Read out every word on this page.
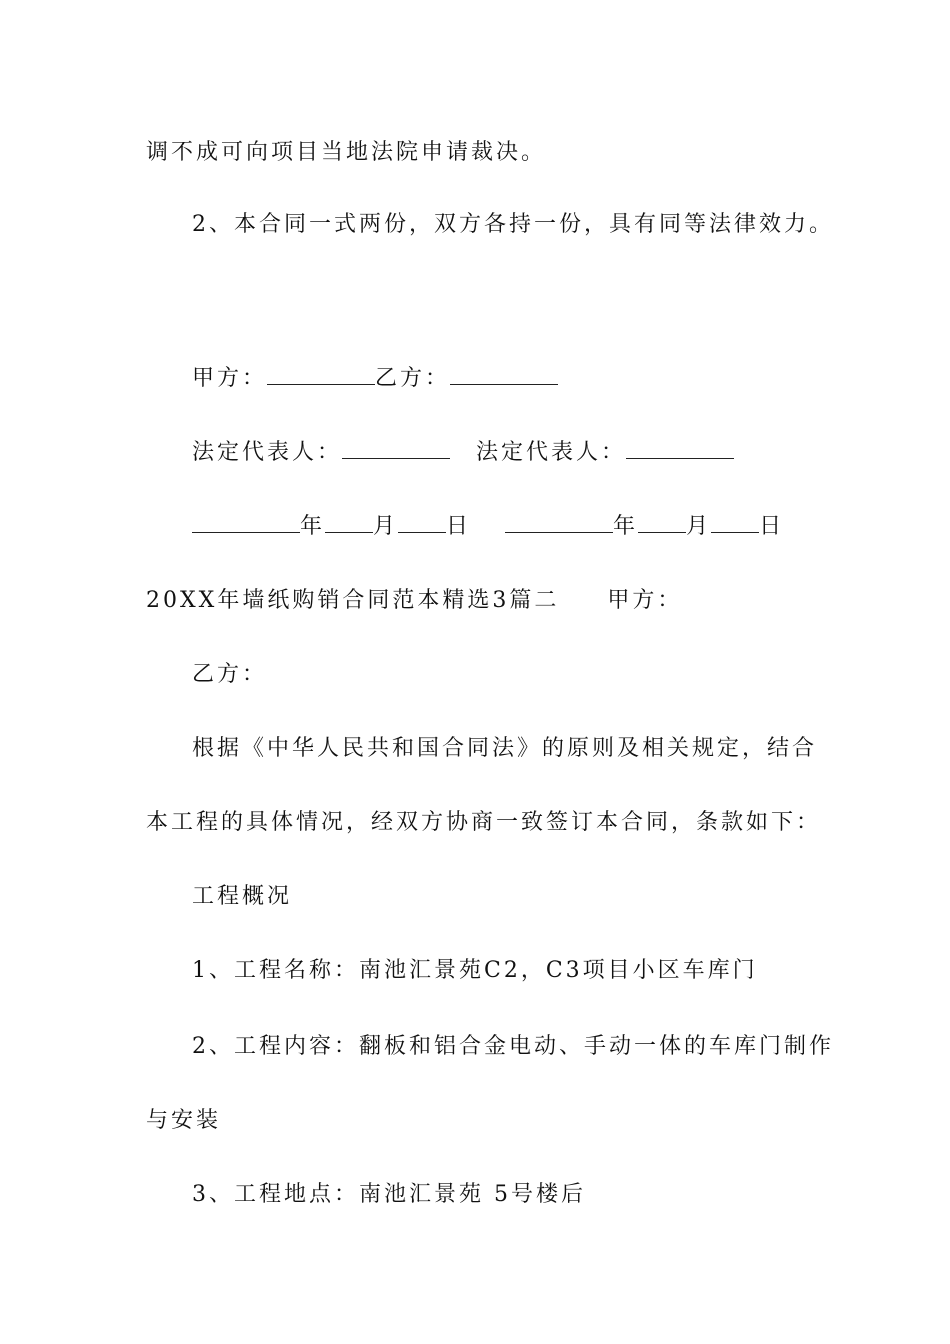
调不成可向项目当地法院申请裁决。
2、本合同一式两份，双方各持一份，具有同等法律效力。
甲方：	乙方：
法定代表人：	法定代表人：
年 月 日	年 月 日
20XX年墙纸购销合同范本精选3篇二 甲方：
乙方：
根据《中华人民共和国合同法》的原则及相关规定，结合
本工程的具体情况，经双方协商一致签订本合同，条款如下：
工程概况
1、工程名称：南池汇景苑C2，C3项目小区车库门
2、工程内容：翻板和铝合金电动、手动一体的车库门制作
与安装
3、工程地点：南池汇景苑 5号楼后
